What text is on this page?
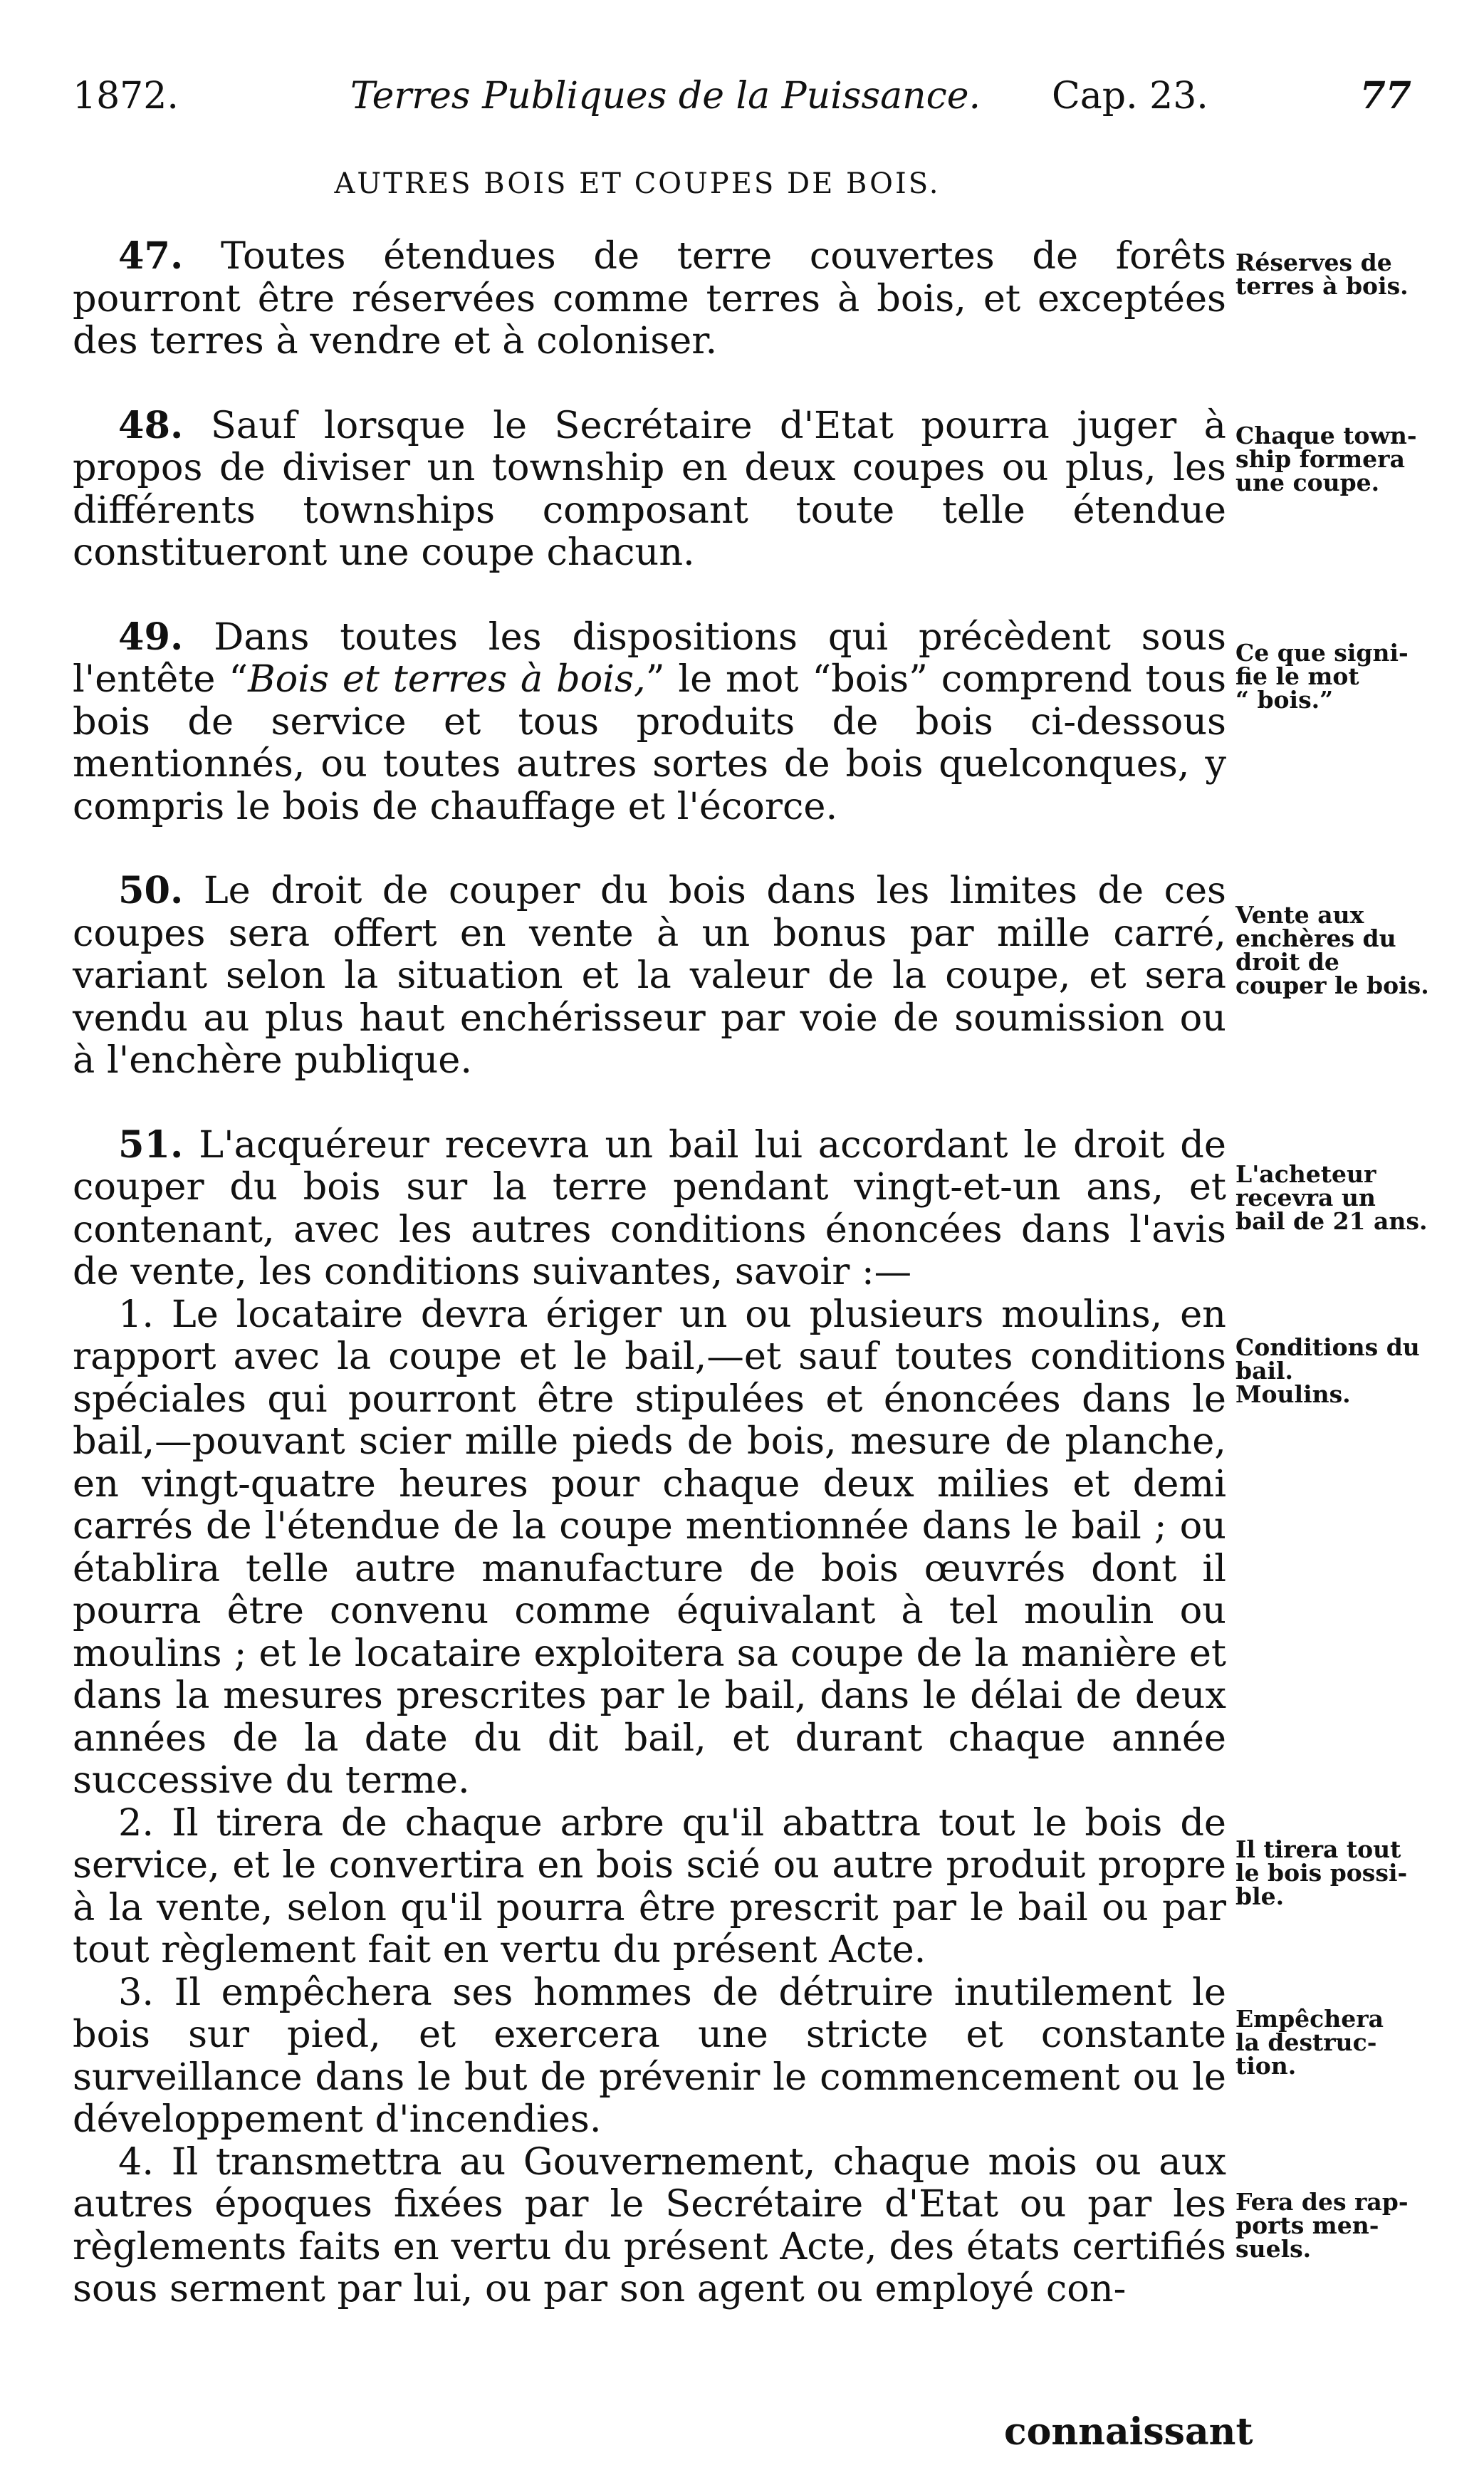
1872.	Terres Publiques de la Puissance. Cap. 23.	77
AUTRES BOIS ET COUPES DE BOIS.
47. Toutes étendues de terre couvertes de forêts pourront être réservées comme terres à bois, et exceptées des terres à vendre et à coloniser.
48. Sauf lorsque le Secrétaire d'Etat pourra juger à propos de diviser un township en deux coupes ou plus, les différents townships composant toute telle étendue constitueront une coupe chacun.
49. Dans toutes les dispositions qui précèdent sous l'entête “Bois et terres à bois,” le mot “bois” comprend tous bois de service et tous produits de bois ci-dessous mentionnés, ou toutes autres sortes de bois quelconques, y compris le bois de chauffage et l'écorce.
50. Le droit de couper du bois dans les limites de ces coupes sera offert en vente à un bonus par mille carré, variant selon la situation et la valeur de la coupe, et sera vendu au plus haut enchérisseur par voie de soumission ou à l'enchère publique.
51. L'acquéreur recevra un bail lui accordant le droit de couper du bois sur la terre pendant vingt-et-un ans, et contenant, avec les autres conditions énoncées dans l'avis de vente, les conditions suivantes, savoir :—
1. Le locataire devra ériger un ou plusieurs moulins, en rapport avec la coupe et le bail,—et sauf toutes conditions spéciales qui pourront être stipulées et énoncées dans le bail,—pouvant scier mille pieds de bois, mesure de planche, en vingt-quatre heures pour chaque deux milies et demi carrés de l'étendue de la coupe mentionnée dans le bail ; ou établira telle autre manufacture de bois œuvrés dont il pourra être convenu comme équivalant à tel moulin ou moulins ; et le locataire exploitera sa coupe de la manière et dans la mesures prescrites par le bail, dans le délai de deux années de la date du dit bail, et durant chaque année successive du terme.
2. Il tirera de chaque arbre qu'il abattra tout le bois de service, et le convertira en bois scié ou autre produit propre à la vente, selon qu'il pourra être prescrit par le bail ou par tout règlement fait en vertu du présent Acte.
3. Il empêchera ses hommes de détruire inutilement le bois sur pied, et exercera une stricte et constante surveillance dans le but de prévenir le commencement ou le développement d'incendies.
4. Il transmettra au Gouvernement, chaque mois ou aux autres époques fixées par le Secrétaire d'Etat ou par les règlements faits en vertu du présent Acte, des états certifiés sous serment par lui, ou par son agent ou employé con-
Réserves de
terres à bois.
Chaque town-
ship formera
une coupe.
Ce que signi-
fie le mot
“ bois.”
Vente aux
enchères du
droit de
couper le bois.
L'acheteur
recevra un
bail de 21 ans.
Conditions du
bail.
Moulins.
Il tirera tout
le bois possi-
ble.
Empêchera
la destruc-
tion.
Fera des rap-
ports men-
suels.
connaissant
